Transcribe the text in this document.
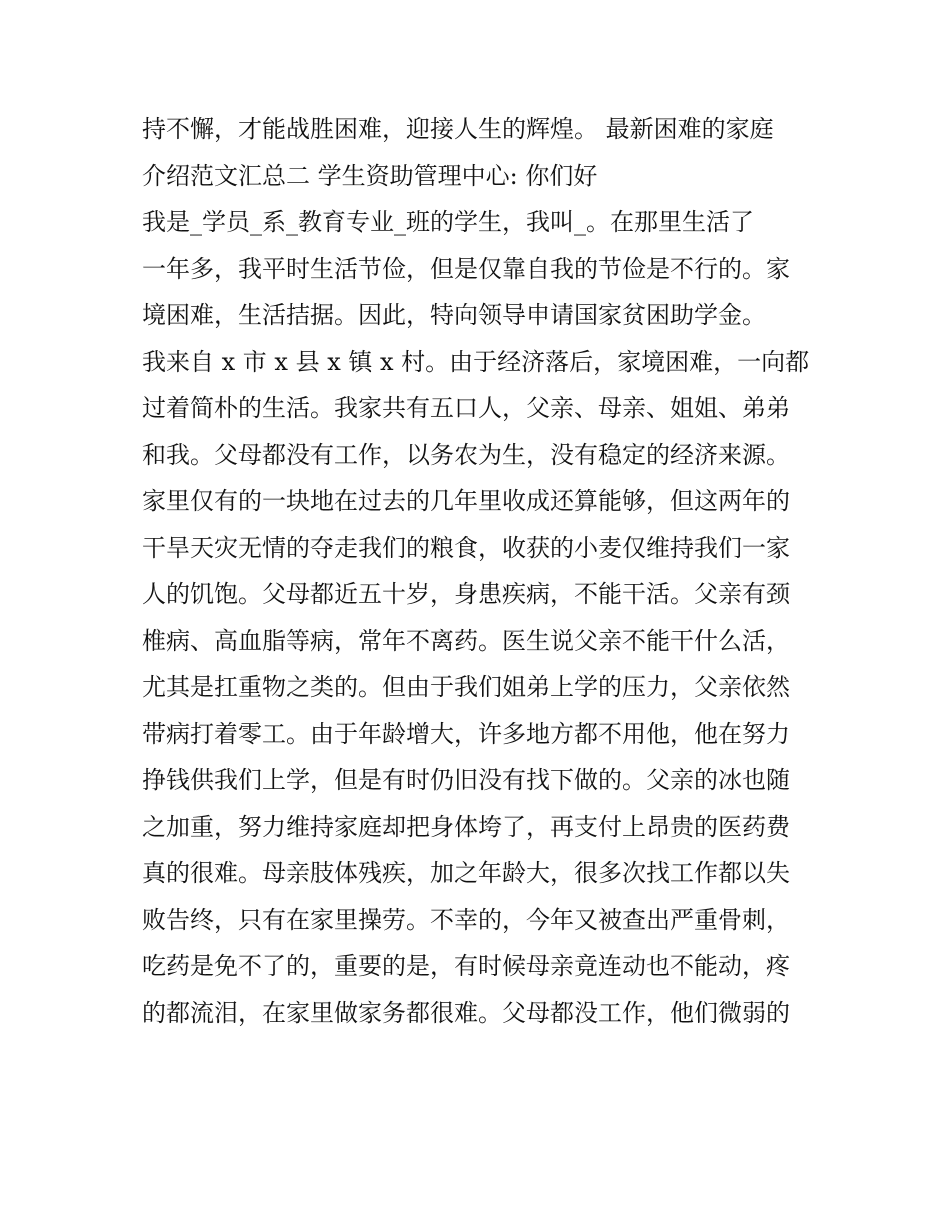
持不懈，才能战胜困难，迎接人生的辉煌。 最新困难的家庭
介绍范文汇总二 学生资助管理中心: 你们好
我是_学员_系_教育专业_班的学生，我叫_。在那里生活了
一年多，我平时生活节俭，但是仅靠自我的节俭是不行的。家
境困难，生活拮据。因此，特向领导申请国家贫困助学金。
我来自 x 市 x 县 x 镇 x 村。由于经济落后，家境困难，一向都
过着简朴的生活。我家共有五口人，父亲、母亲、姐姐、弟弟
和我。父母都没有工作，以务农为生，没有稳定的经济来源。
家里仅有的一块地在过去的几年里收成还算能够，但这两年的
干旱天灾无情的夺走我们的粮食，收获的小麦仅维持我们一家
人的饥饱。父母都近五十岁，身患疾病，不能干活。父亲有颈
椎病、高血脂等病，常年不离药。医生说父亲不能干什么活，
尤其是扛重物之类的。但由于我们姐弟上学的压力，父亲依然
带病打着零工。由于年龄增大，许多地方都不用他，他在努力
挣钱供我们上学，但是有时仍旧没有找下做的。父亲的冰也随
之加重，努力维持家庭却把身体垮了，再支付上昂贵的医药费
真的很难。母亲肢体残疾，加之年龄大，很多次找工作都以失
败告终，只有在家里操劳。不幸的，今年又被查出严重骨刺，
吃药是免不了的，重要的是，有时候母亲竟连动也不能动，疼
的都流泪，在家里做家务都很难。父母都没工作，他们微弱的
